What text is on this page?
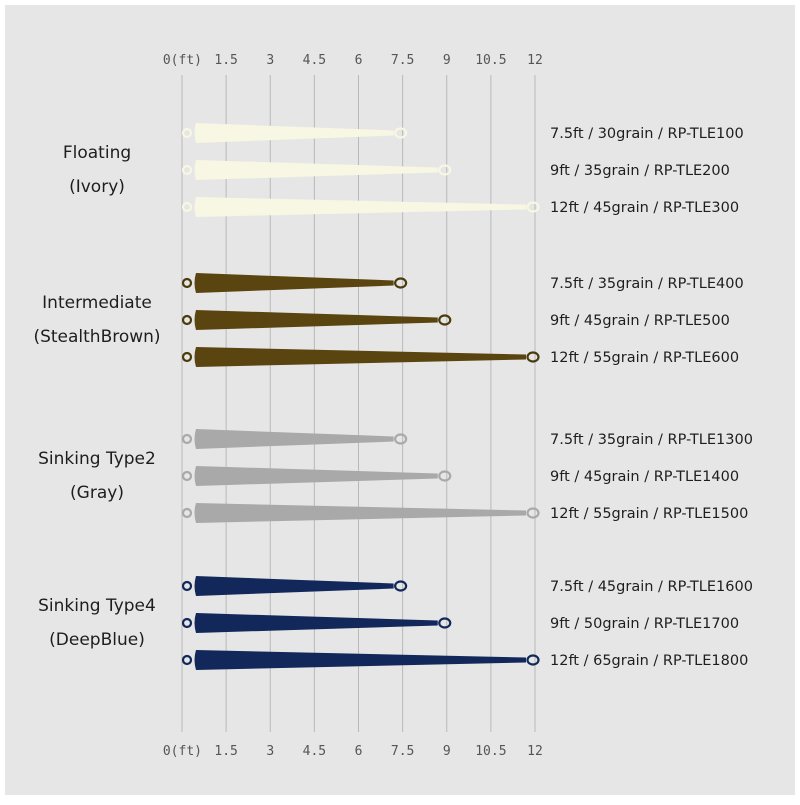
0(ft) 1.5 3 4.5 6 7.5 9 10.5 12
0(ft) 1.5 3 4.5 6 7.5 9 10.5 12
Floating
(Ivory)
7.5ft / 30grain / RP-TLE100
9ft / 35grain / RP-TLE200
12ft / 45grain / RP-TLE300
Intermediate
(StealthBrown)
7.5ft / 35grain / RP-TLE400
9ft / 45grain / RP-TLE500
12ft / 55grain / RP-TLE600
Sinking Type2
(Gray)
7.5ft / 35grain / RP-TLE1300
9ft / 45grain / RP-TLE1400
12ft / 55grain / RP-TLE1500
Sinking Type4
(DeepBlue)
7.5ft / 45grain / RP-TLE1600
9ft / 50grain / RP-TLE1700
12ft / 65grain / RP-TLE1800
